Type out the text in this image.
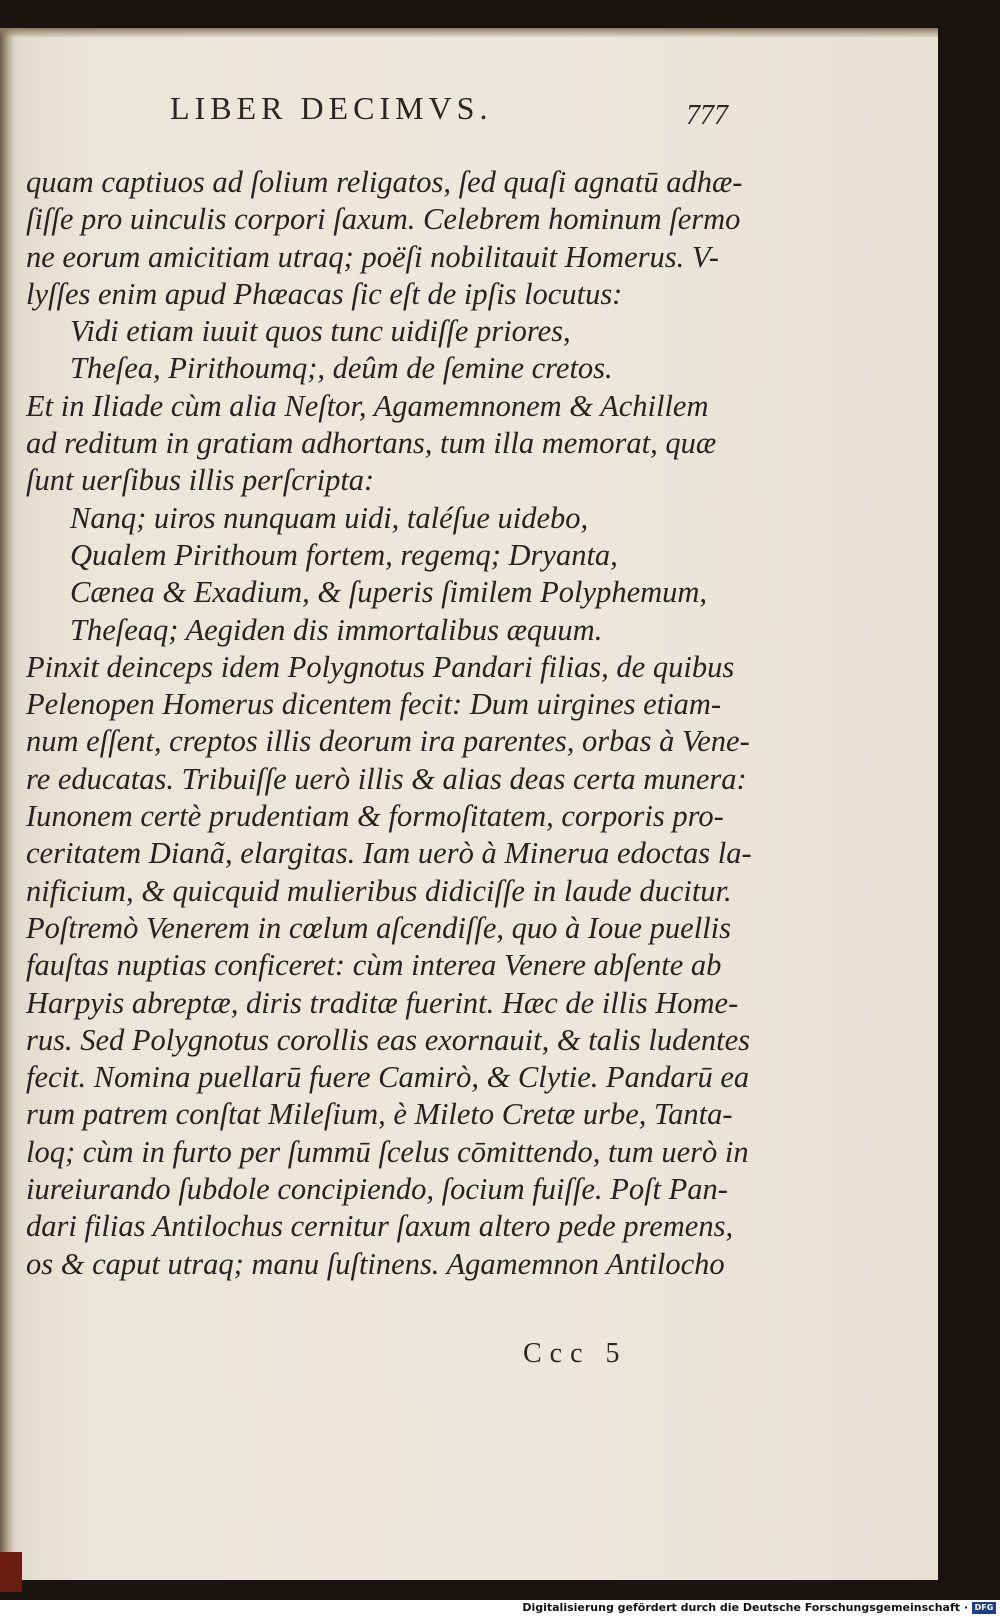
LIBER DECIMVS.	777
quam captiuos ad ſolium religatos, ſed quaſi agnatū adhæ-
ſiſſe pro uinculis corpori ſaxum. Celebrem hominum ſermo
ne eorum amicitiam utraq; poëſi nobilitauit Homerus. V-
lyſſes enim apud Phæacas ſic eſt de ipſis locutus:
Vidi etiam iuuit quos tunc uidiſſe priores,
Theſea, Pirithoumq;, deûm de ſemine cretos.
Et in Iliade cùm alia Neſtor, Agamemnonem & Achillem
ad reditum in gratiam adhortans, tum illa memorat, quæ
ſunt uerſibus illis perſcripta:
Nanq; uiros nunquam uidi, taléſue uidebo,
Qualem Pirithoum fortem, regemq; Dryanta,
Cænea & Exadium, & ſuperis ſimilem Polyphemum,
Theſeaq; Aegiden dis immortalibus æquum.
Pinxit deinceps idem Polygnotus Pandari filias, de quibus
Pelenopen Homerus dicentem fecit: Dum uirgines etiam-
num eſſent, creptos illis deorum ira parentes, orbas à Vene-
re educatas. Tribuiſſe uerò illis & alias deas certa munera:
Iunonem certè prudentiam & formoſitatem, corporis pro-
ceritatem Dianã, elargitas. Iam uerò à Minerua edoctas la-
nificium, & quicquid mulieribus didiciſſe in laude ducitur.
Poſtremò Venerem in cœlum aſcendiſſe, quo à Ioue puellis
fauſtas nuptias conficeret: cùm interea Venere abſente ab
Harpyis abreptæ, diris traditæ fuerint. Hæc de illis Home-
rus. Sed Polygnotus corollis eas exornauit, & talis ludentes
fecit. Nomina puellarū fuere Camirò, & Clytie. Pandarū ea
rum patrem conſtat Mileſium, è Mileto Cretæ urbe, Tanta-
loq; cùm in furto per ſummū ſcelus cōmittendo, tum uerò in
iureiurando ſubdole concipiendo, ſocium fuiſſe. Poſt Pan-
dari filias Antilochus cernitur ſaxum altero pede premens,
os & caput utraq; manu ſuſtinens. Agamemnon Antilocho
Ccc 5
Digitalisierung gefördert durch die Deutsche Forschungsgemeinschaft · DFG
